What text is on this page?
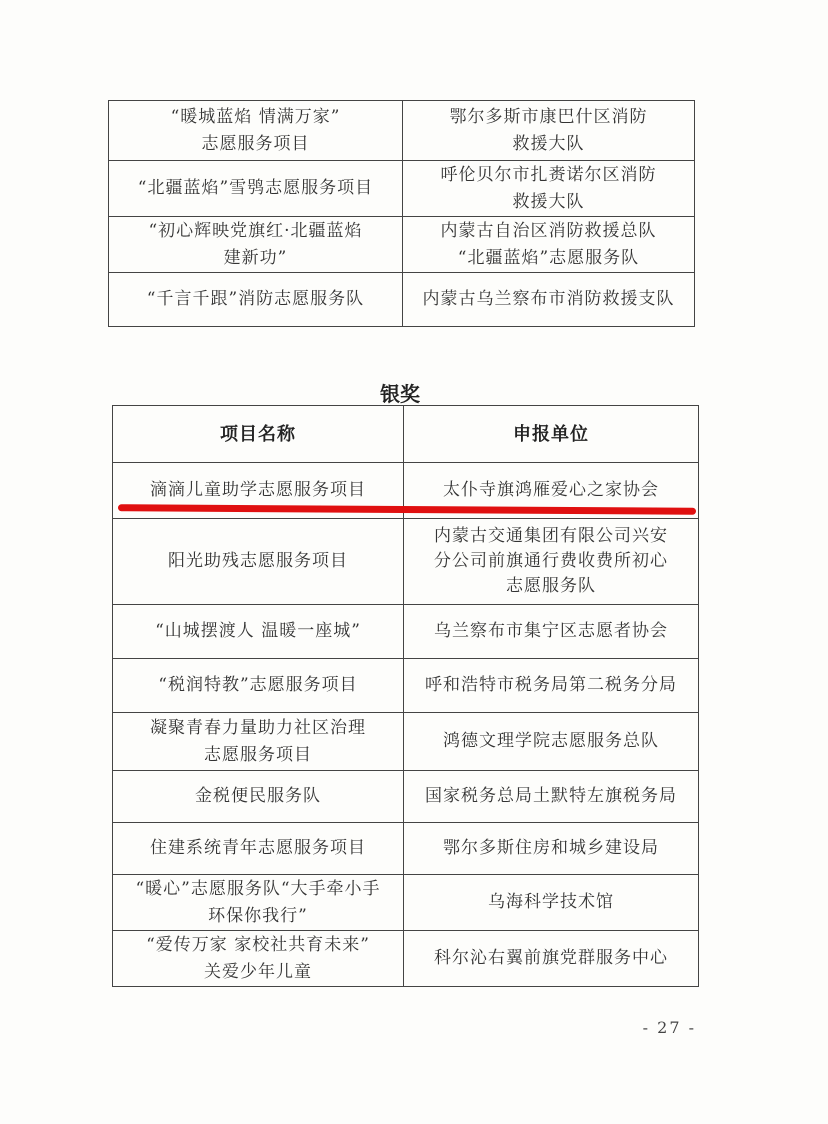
“暖城蓝焰 情满万家”
志愿服务项目	鄂尔多斯市康巴什区消防
救援大队
“北疆蓝焰”雪鸮志愿服务项目	呼伦贝尔市扎赉诺尔区消防
救援大队
“初心辉映党旗红·北疆蓝焰
建新功”	内蒙古自治区消防救援总队
“北疆蓝焰”志愿服务队
“千言千跟”消防志愿服务队	内蒙古乌兰察布市消防救援支队
银奖
项目名称	申报单位
滴滴儿童助学志愿服务项目	太仆寺旗鸿雁爱心之家协会
阳光助残志愿服务项目	内蒙古交通集团有限公司兴安
分公司前旗通行费收费所初心
志愿服务队
“山城摆渡人 温暖一座城”	乌兰察布市集宁区志愿者协会
“税润特教”志愿服务项目	呼和浩特市税务局第二税务分局
凝聚青春力量助力社区治理
志愿服务项目	鸿德文理学院志愿服务总队
金税便民服务队	国家税务总局土默特左旗税务局
住建系统青年志愿服务项目	鄂尔多斯住房和城乡建设局
“暖心”志愿服务队“大手牵小手
环保你我行”	乌海科学技术馆
“爱传万家 家校社共育未来”
关爱少年儿童	科尔沁右翼前旗党群服务中心
- 27 -
